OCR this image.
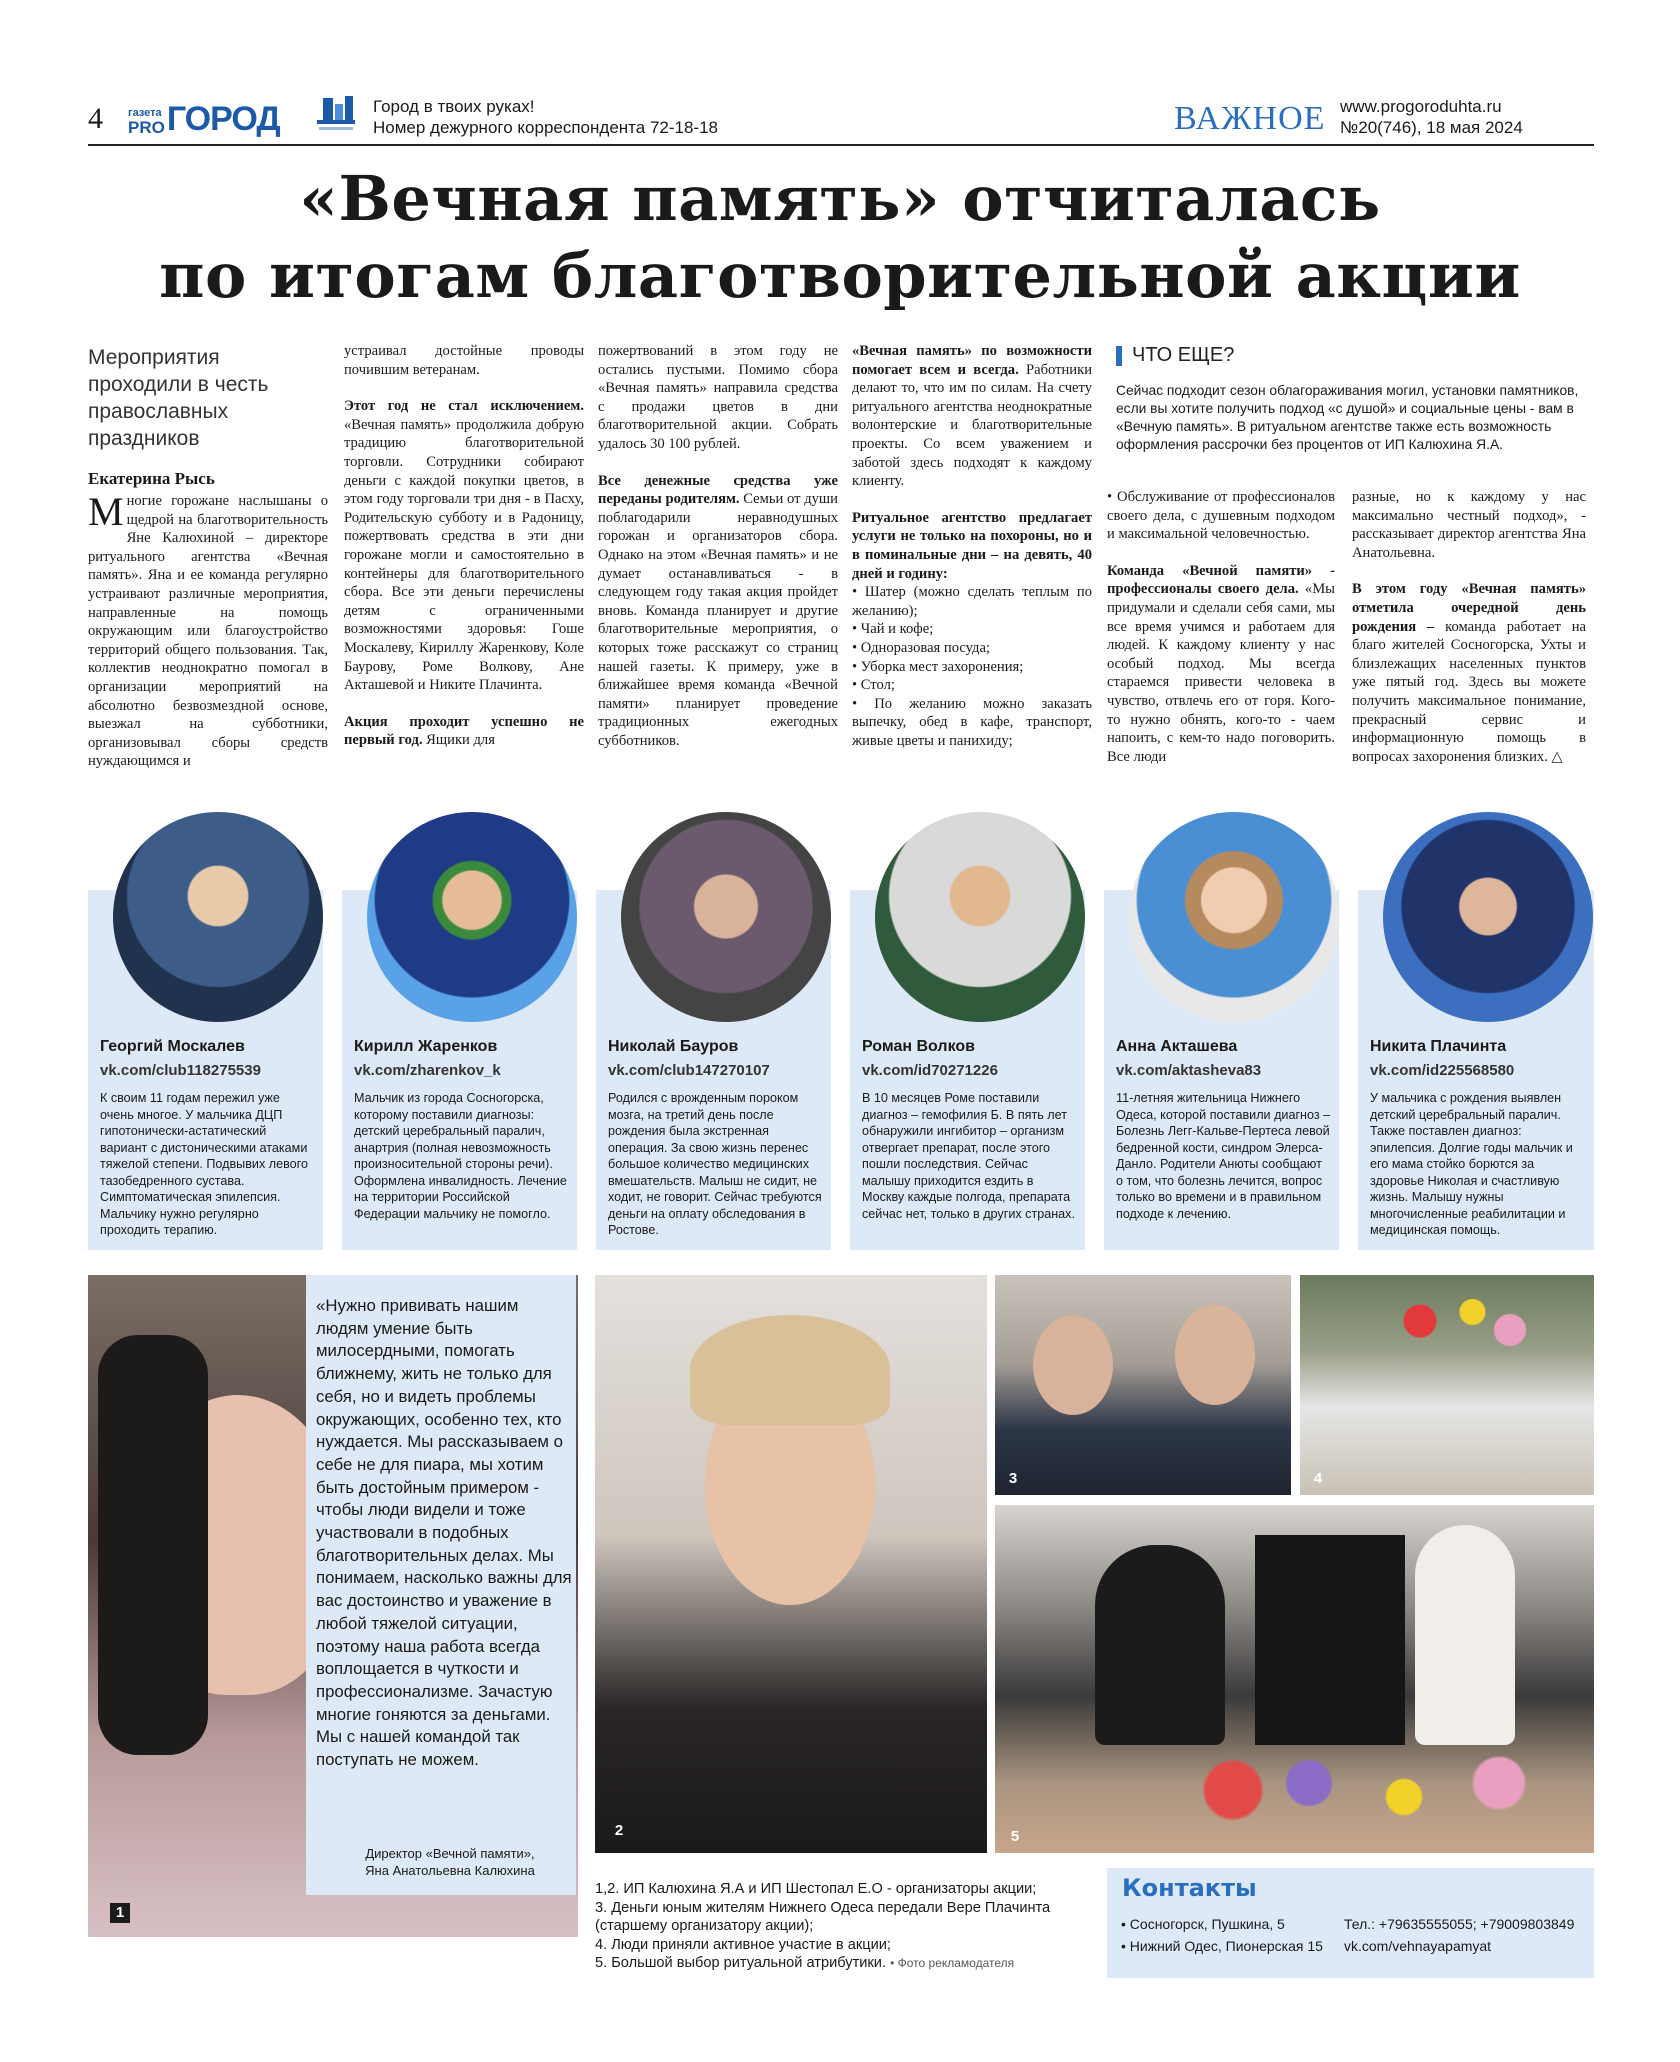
4 газета
PRO ГОРОД	Город в твоих руках!
Номер дежурного корреспондента 72-18-18	ВАЖНОЕ www.progoroduhta.ru
№20(746), 18 мая 2024
«Вечная память» отчиталась
по итогам благотворительной акции
Мероприятия проходили в честь православных праздников
Екатерина Рысь
М ногие горожане наслышаны о щедрой на благотворительность Яне Калюхиной – директоре ритуального агентства «Вечная память». Яна и ее команда регулярно устраивают различные мероприятия, направленные на помощь окружающим или благоустройство территорий общего пользования. Так, коллектив неоднократно помогал в организации мероприятий на абсолютно безвозмездной основе, выезжал на субботники, организовывал сборы средств нуждающимся и

устраивал достойные проводы почившим ветеранам.

Этот год не стал исключением. «Вечная память» продолжила добрую традицию благотворительной торговли. Сотрудники собирают деньги с каждой покупки цветов, в этом году торговали три дня - в Пасху, Родительскую субботу и в Радоницу, пожертвовать средства в эти дни горожане могли и самостоятельно в контейнеры для благотворительного сбора. Все эти деньги перечислены детям с ограниченными возможностями здоровья: Гоше Москалеву, Кириллу Жаренкову, Коле Баурову, Роме Волкову, Ане Акташевой и Никите Плачинта.

Акция проходит успешно не первый год. Ящики для

пожертвований в этом году не остались пустыми. Помимо сбора «Вечная память» направила средства с продажи цветов в дни благотворительной акции. Собрать удалось 30 100 рублей.

Все денежные средства уже переданы родителям. Семьи от души поблагодарили неравнодушных горожан и организаторов сбора. Однако на этом «Вечная память» и не думает останавливаться - в следующем году такая акция пройдет вновь. Команда планирует и другие благотворительные мероприятия, о которых тоже расскажут со страниц нашей газеты. К примеру, уже в ближайшее время команда «Вечной памяти» планирует проведение традиционных ежегодных субботников.

«Вечная память» по возможности помогает всем и всегда. Работники делают то, что им по силам. На счету ритуального агентства неоднократные волонтерские и благотворительные проекты. Со всем уважением и заботой здесь подходят к каждому клиенту.

Ритуальное агентство предлагает услуги не только на похороны, но и в поминальные дни – на девять, 40 дней и годину:

• Шатер (можно сделать теплым по желанию);

• Чай и кофе;

• Одноразовая посуда;

• Уборка мест захоронения;

• Стол;

• По желанию можно заказать выпечку, обед в кафе, транспорт, живые цветы и панихиду;

ЧТО ЕЩЕ?
Сейчас подходит сезон облагораживания могил, установки памятников, если вы хотите получить подход «с душой» и социальные цены - вам в «Вечную память». В ритуальном агентстве также есть возможность оформления рассрочки без процентов от ИП Калюхина Я.А.

• Обслуживание от профессионалов своего дела, с душевным подходом и максимальной человечностью.

Команда «Вечной памяти» - профессионалы своего дела. «Мы придумали и сделали себя сами, мы все время учимся и работаем для людей. К каждому клиенту у нас особый подход. Мы всегда стараемся привести человека в чувство, отвлечь его от горя. Кого-то нужно обнять, кого-то - чаем напоить, с кем-то надо поговорить. Все люди

разные, но к каждому у нас максимально честный подход», - рассказывает директор агентства Яна Анатольевна.

В этом году «Вечная память» отметила очередной день рождения – команда работает на благо жителей Сосногорска, Ухты и близлежащих населенных пунктов уже пятый год. Здесь вы можете получить максимальное понимание, прекрасный сервис и информационную помощь в вопросах захоронения близких. △

Георгий Москалев
vk.com/club118275539
К своим 11 годам пережил уже очень многое. У мальчика ДЦП гипотонически-астатический вариант с дистоническими атаками тяжелой степени. Подвывих левого тазобедренного сустава. Симптоматическая эпилепсия. Мальчику нужно регулярно проходить терапию.
Кирилл Жаренков
vk.com/zharenkov_k
Мальчик из города Сосногорска, которому поставили диагнозы: детский церебральный паралич, анартрия (полная невозможность произносительной стороны речи). Оформлена инвалидность. Лечение на территории Российской Федерации мальчику не помогло.
Николай Бауров
vk.com/club147270107
Родился с врожденным пороком мозга, на третий день после рождения была экстренная операция. За свою жизнь перенес большое количество медицинских вмешательств. Малыш не сидит, не ходит, не говорит. Сейчас требуются деньги на оплату обследования в Ростове.
Роман Волков
vk.com/id70271226
В 10 месяцев Роме поставили диагноз – гемофилия Б. В пять лет обнаружили ингибитор – организм отвергает препарат, после этого пошли последствия. Сейчас малышу приходится ездить в Москву каждые полгода, препарата сейчас нет, только в других странах.
Анна Акташева
vk.com/aktasheva83
11-летняя жительница Нижнего Одеса, которой поставили диагноз – Болезнь Легг-Кальве-Пертеса левой бедренной кости, синдром Элерса-Данло. Родители Анюты сообщают о том, что болезнь лечится, вопрос только во времени и в правильном подходе к лечению.
Никита Плачинта
vk.com/id225568580
У мальчика с рождения выявлен детский церебральный паралич. Также поставлен диагноз: эпилепсия. Долгие годы мальчик и его мама стойко борются за здоровье Николая и счастливую жизнь. Малышу нужны многочисленные реабилитации и медицинская помощь.
1
«Нужно прививать нашим людям умение быть милосердными, помогать ближнему, жить не только для себя, но и видеть проблемы окружающих, особенно тех, кто нуждается. Мы рассказываем о себе не для пиара, мы хотим быть достойным примером - чтобы люди видели и тоже участвовали в подобных благотворительных делах. Мы понимаем, насколько важны для вас достоинство и уважение в любой тяжелой ситуации, поэтому наша работа всегда воплощается в чуткости и профессионализме. Зачастую многие гоняются за деньгами. Мы с нашей командой так поступать не можем.
Директор «Вечной памяти»,
Яна Анатольевна Калюхина
2
3	4
5
1,2. ИП Калюхина Я.А и ИП Шестопал Е.О - организаторы акции;
3. Деньги юным жителям Нижнего Одеса передали Вере Плачинта (старшему организатору акции);
4. Люди приняли активное участие в акции;
5. Большой выбор ритуальной атрибутики. • Фото рекламодателя
Контакты
• Сосногорск, Пушкина, 5
• Нижний Одес, Пионерская 15
Тел.: +79635555055; +79009803849
vk.com/vehnayapamyat
